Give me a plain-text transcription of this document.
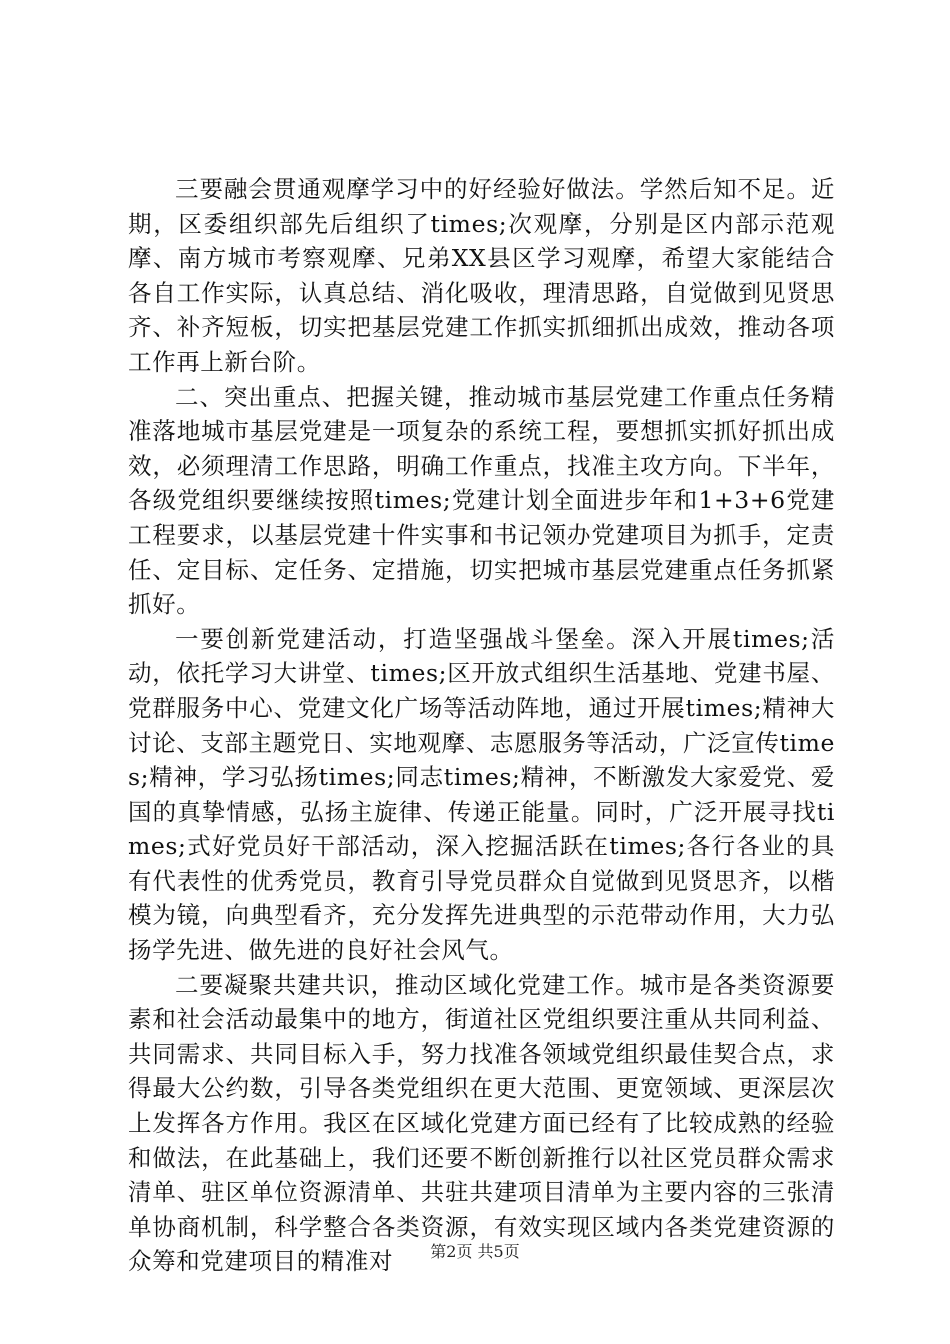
三要融会贯通观摩学习中的好经验好做法。学然后知不足。近期，区委组织部先后组织了times;次观摩，分别是区内部示范观摩、南方城市考察观摩、兄弟XX县区学习观摩，希望大家能结合各自工作实际，认真总结、消化吸收，理清思路，自觉做到见贤思齐、补齐短板，切实把基层党建工作抓实抓细抓出成效，推动各项工作再上新台阶。

二、突出重点、把握关键，推动城市基层党建工作重点任务精准落地城市基层党建是一项复杂的系统工程，要想抓实抓好抓出成效，必须理清工作思路，明确工作重点，找准主攻方向。下半年，各级党组织要继续按照times;党建计划全面进步年和1+3+6党建工程要求，以基层党建十件实事和书记领办党建项目为抓手，定责任、定目标、定任务、定措施，切实把城市基层党建重点任务抓紧抓好。

一要创新党建活动，打造坚强战斗堡垒。深入开展times;活动，依托学习大讲堂、times;区开放式组织生活基地、党建书屋、党群服务中心、党建文化广场等活动阵地，通过开展times;精神大讨论、支部主题党日、实地观摩、志愿服务等活动，广泛宣传times;精神，学习弘扬times;同志times;精神，不断激发大家爱党、爱国的真挚情感，弘扬主旋律、传递正能量。同时，广泛开展寻找times;式好党员好干部活动，深入挖掘活跃在times;各行各业的具有代表性的优秀党员，教育引导党员群众自觉做到见贤思齐，以楷模为镜，向典型看齐，充分发挥先进典型的示范带动作用，大力弘扬学先进、做先进的良好社会风气。

二要凝聚共建共识，推动区域化党建工作。城市是各类资源要素和社会活动最集中的地方，街道社区党组织要注重从共同利益、共同需求、共同目标入手，努力找准各领域党组织最佳契合点，求得最大公约数，引导各类党组织在更大范围、更宽领域、更深层次上发挥各方作用。我区在区域化党建方面已经有了比较成熟的经验和做法，在此基础上，我们还要不断创新推行以社区党员群众需求清单、驻区单位资源清单、共驻共建项目清单为主要内容的三张清单协商机制，科学整合各类资源，有效实现区域内各类党建资源的众筹和党建项目的精准对	第2页 共5页
